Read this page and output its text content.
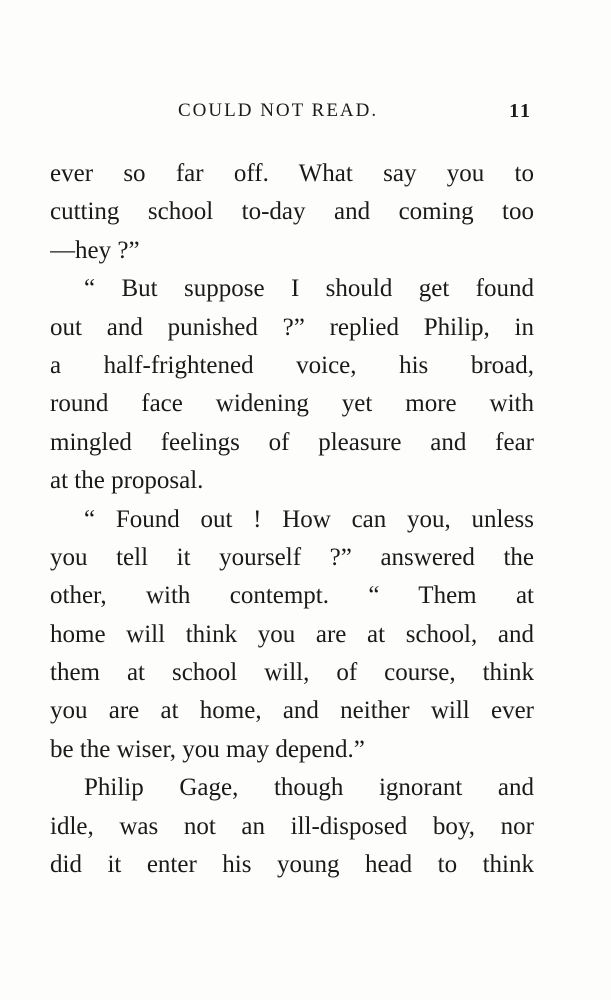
COULD NOT READ.	11
ever so far off. What say you to
cutting school to-day and coming too
—hey ?”
“ But suppose I should get found
out and punished ?” replied Philip, in
a half-frightened voice, his broad,
round face widening yet more with
mingled feelings of pleasure and fear
at the proposal.
“ Found out ! How can you, unless
you tell it yourself ?” answered the
other, with contempt. “ Them at
home will think you are at school, and
them at school will, of course, think
you are at home, and neither will ever
be the wiser, you may depend.”
Philip Gage, though ignorant and
idle, was not an ill-disposed boy, nor
did it enter his young head to think
